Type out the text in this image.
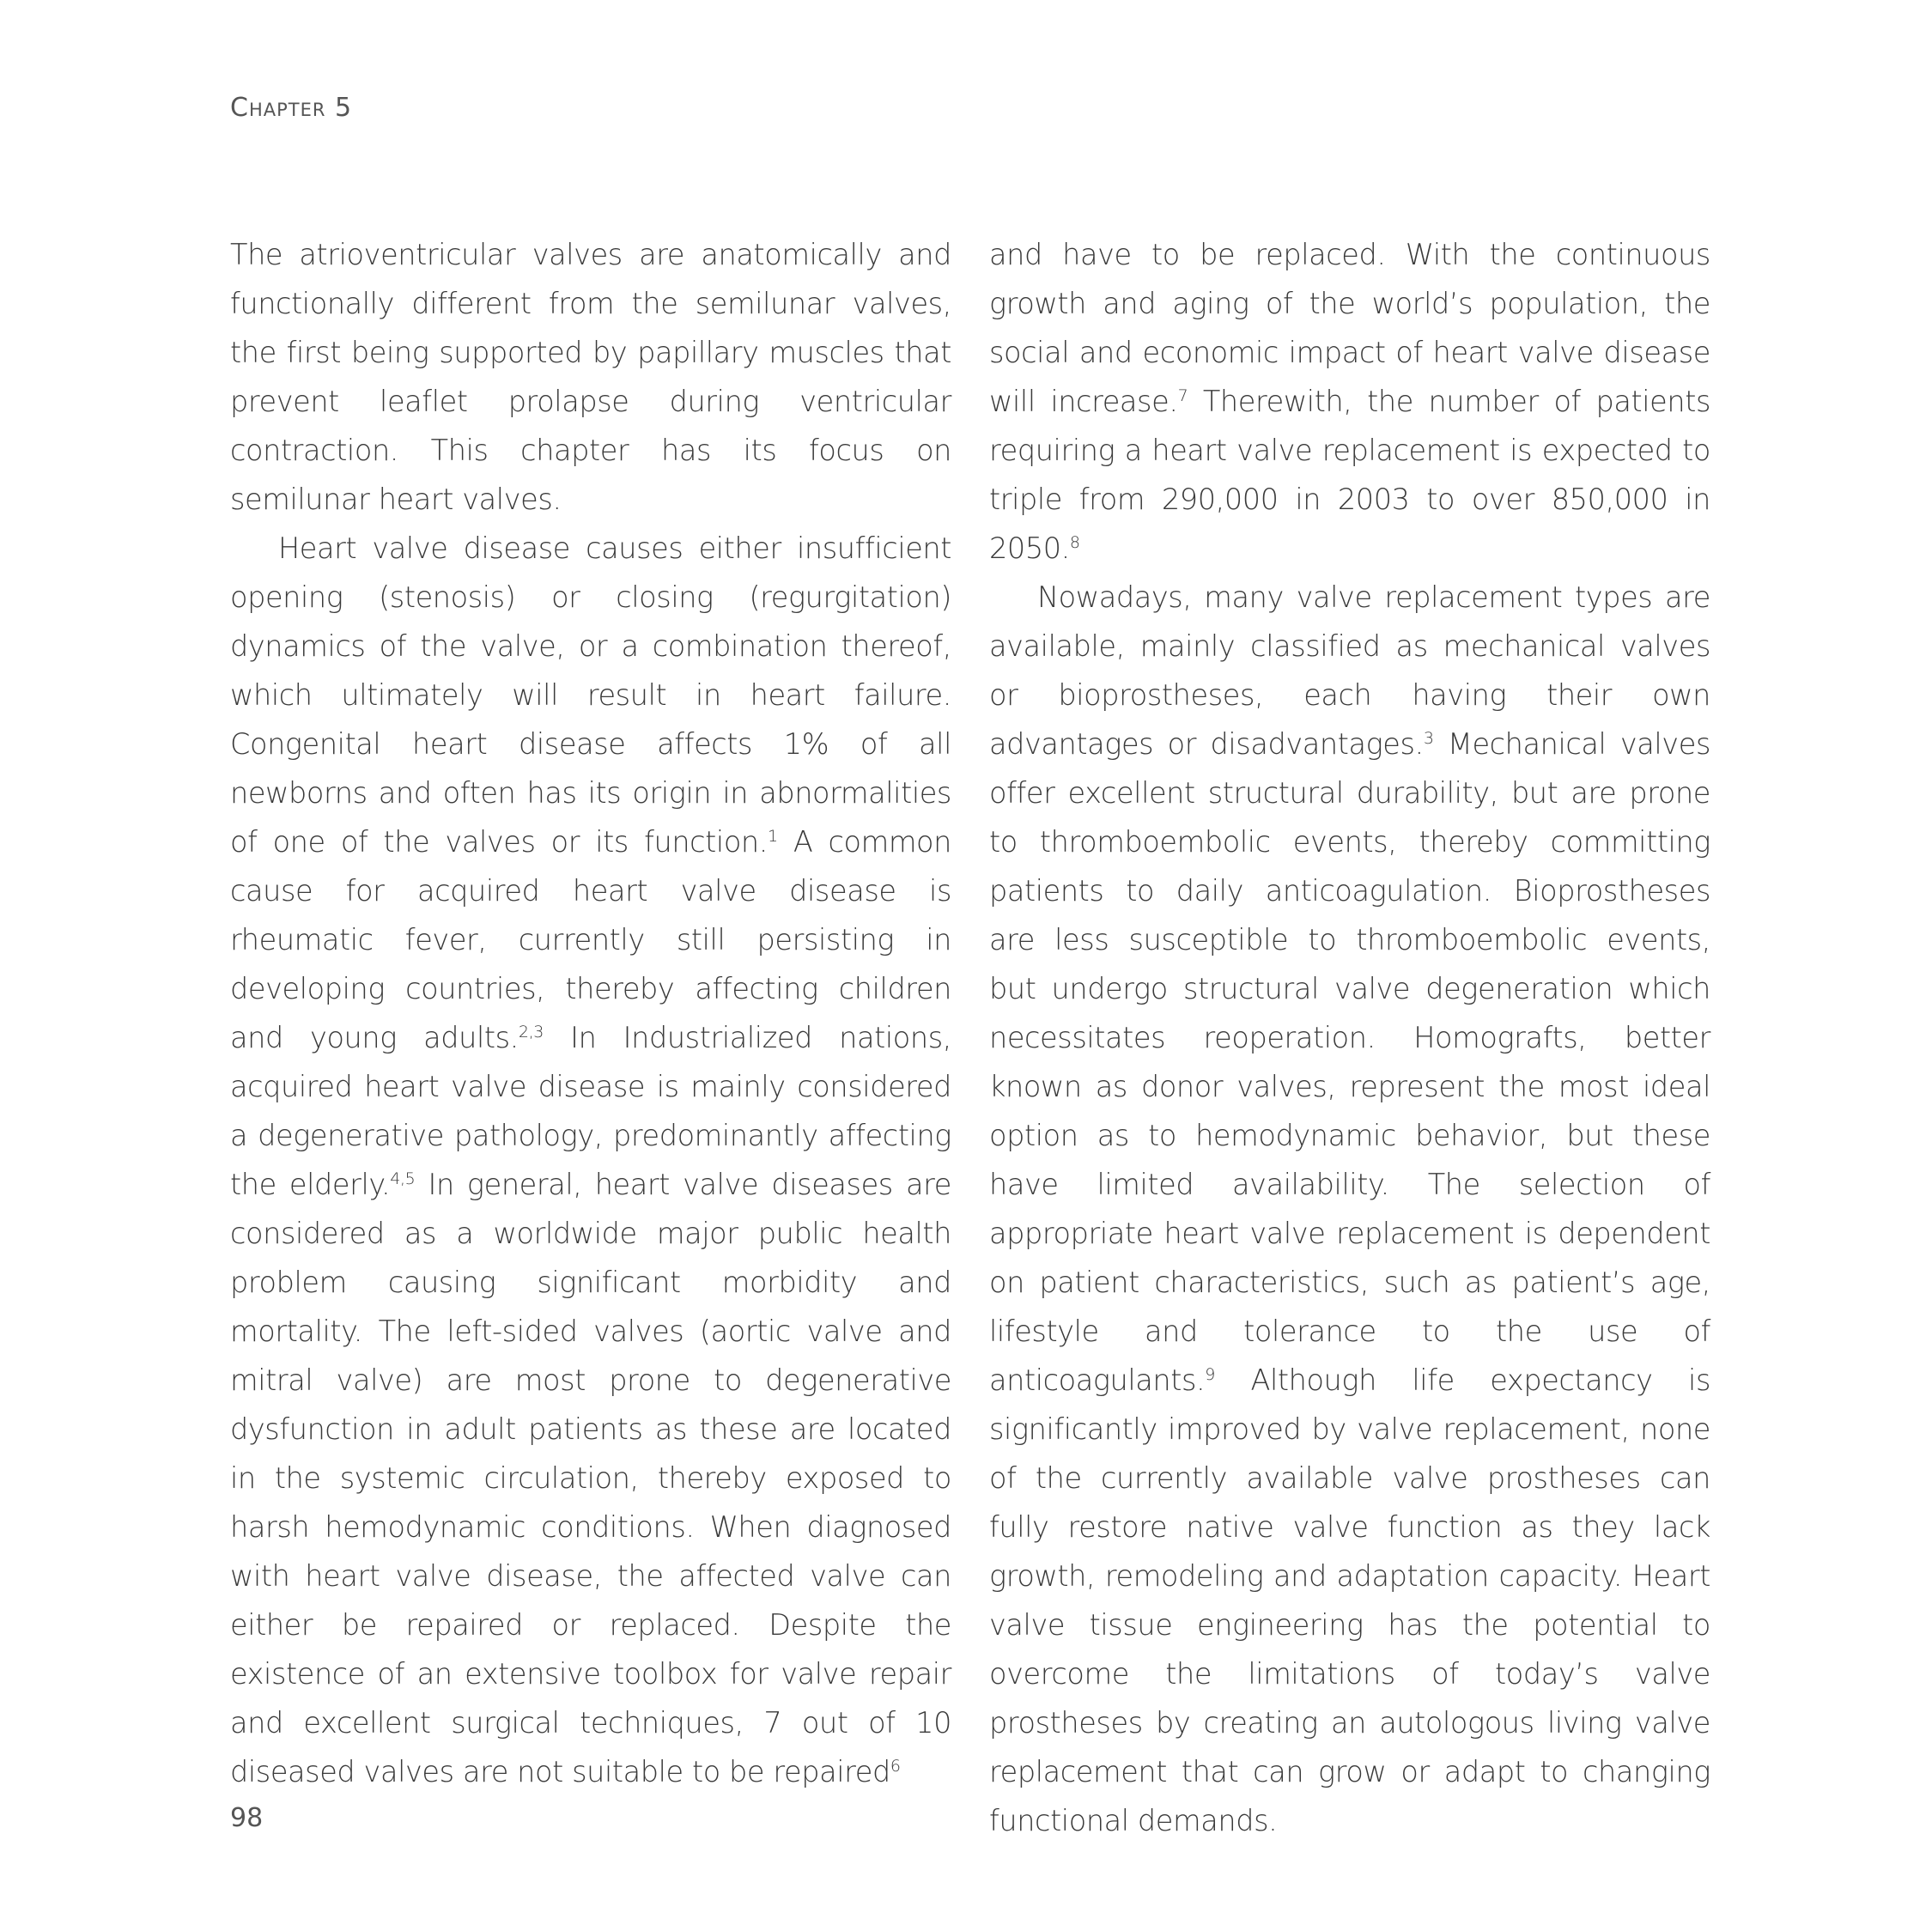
Chapter 5

The atrioventricular valves are anatomically and functionally different from the semilunar valves, the first being supported by papillary muscles that prevent leaflet prolapse during ventricular contraction. This chapter has its focus on semilunar heart valves.

Heart valve disease causes either insufficient opening (stenosis) or closing (regurgitation) dynamics of the valve, or a combination thereof, which ultimately will result in heart failure. Congenital heart disease affects 1% of all newborns and often has its origin in abnormalities of one of the valves or its function.$^1$ A common cause for acquired heart valve disease is rheumatic fever, currently still persisting in developing countries, thereby affecting children and young adults.$^{2,3}$ In Industrialized nations, acquired heart valve disease is mainly considered a degenerative pathology, predominantly affecting the elderly.$^{4,5}$ In general, heart valve diseases are considered as a worldwide major public health problem causing significant morbidity and mortality. The left-sided valves (aortic valve and mitral valve) are most prone to degenerative dysfunction in adult patients as these are located in the systemic circulation, thereby exposed to harsh hemodynamic conditions. When diagnosed with heart valve disease, the affected valve can either be repaired or replaced. Despite the existence of an extensive toolbox for valve repair and excellent surgical techniques, 7 out of 10 diseased valves are not suitable to be repaired$^6$

and have to be replaced. With the continuous growth and aging of the world’s population, the social and economic impact of heart valve disease will increase.$^7$ Therewith, the number of patients requiring a heart valve replacement is expected to triple from 290,000 in 2003 to over 850,000 in 2050.$^8$

Nowadays, many valve replacement types are available, mainly classified as mechanical valves or bioprostheses, each having their own advantages or disadvantages.$^3$ Mechanical valves offer excellent structural durability, but are prone to thromboembolic events, thereby committing patients to daily anticoagulation. Bioprostheses are less susceptible to thromboembolic events, but undergo structural valve degeneration which necessitates reoperation. Homografts, better known as donor valves, represent the most ideal option as to hemodynamic behavior, but these have limited availability. The selection of appropriate heart valve replacement is dependent on patient characteristics, such as patient’s age, lifestyle and tolerance to the use of anticoagulants.$^9$ Although life expectancy is significantly improved by valve replacement, none of the currently available valve prostheses can fully restore native valve function as they lack growth, remodeling and adaptation capacity. Heart valve tissue engineering has the potential to overcome the limitations of today’s valve prostheses by creating an autologous living valve replacement that can grow or adapt to changing functional demands.

98
